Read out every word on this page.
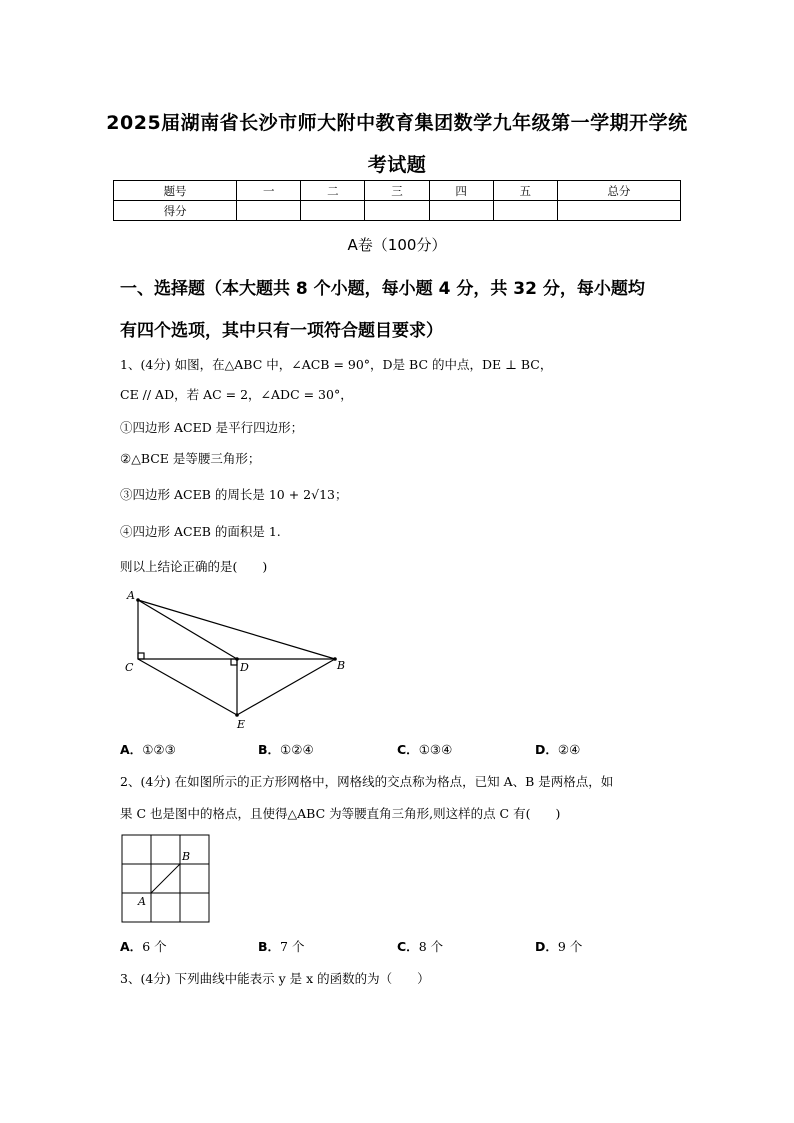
2025届湖南省长沙市师大附中教育集团数学九年级第一学期开学统
考试题
题号	一	二	三	四	五	总分
得分						
A卷（100分）
一、选择题（本大题共 8 个小题，每小题 4 分，共 32 分，每小题均
有四个选项，其中只有一项符合题目要求）
1、(4分) 如图，在△ABC 中，∠ACB = 90°，D是 BC 的中点，DE ⊥ BC，
CE // AD，若 AC = 2，∠ADC = 30°，
①四边形 ACED 是平行四边形；
②△BCE 是等腰三角形；
③四边形 ACEB 的周长是 10 + 2√13；
④四边形 ACEB 的面积是 1.
则以上结论正确的是(　　)
A
C	D	B
E
A．①②③	B．①②④	C．①③④	D．②④
2、(4分) 在如图所示的正方形网格中，网格线的交点称为格点，已知 A、B 是两格点，如
果 C 也是图中的格点，且使得△ABC 为等腰直角三角形,则这样的点 C 有(　　)
B
A
A．6 个	B．7 个	C．8 个	D．9 个
3、(4分) 下列曲线中能表示 y 是 x 的函数的为（　　）
